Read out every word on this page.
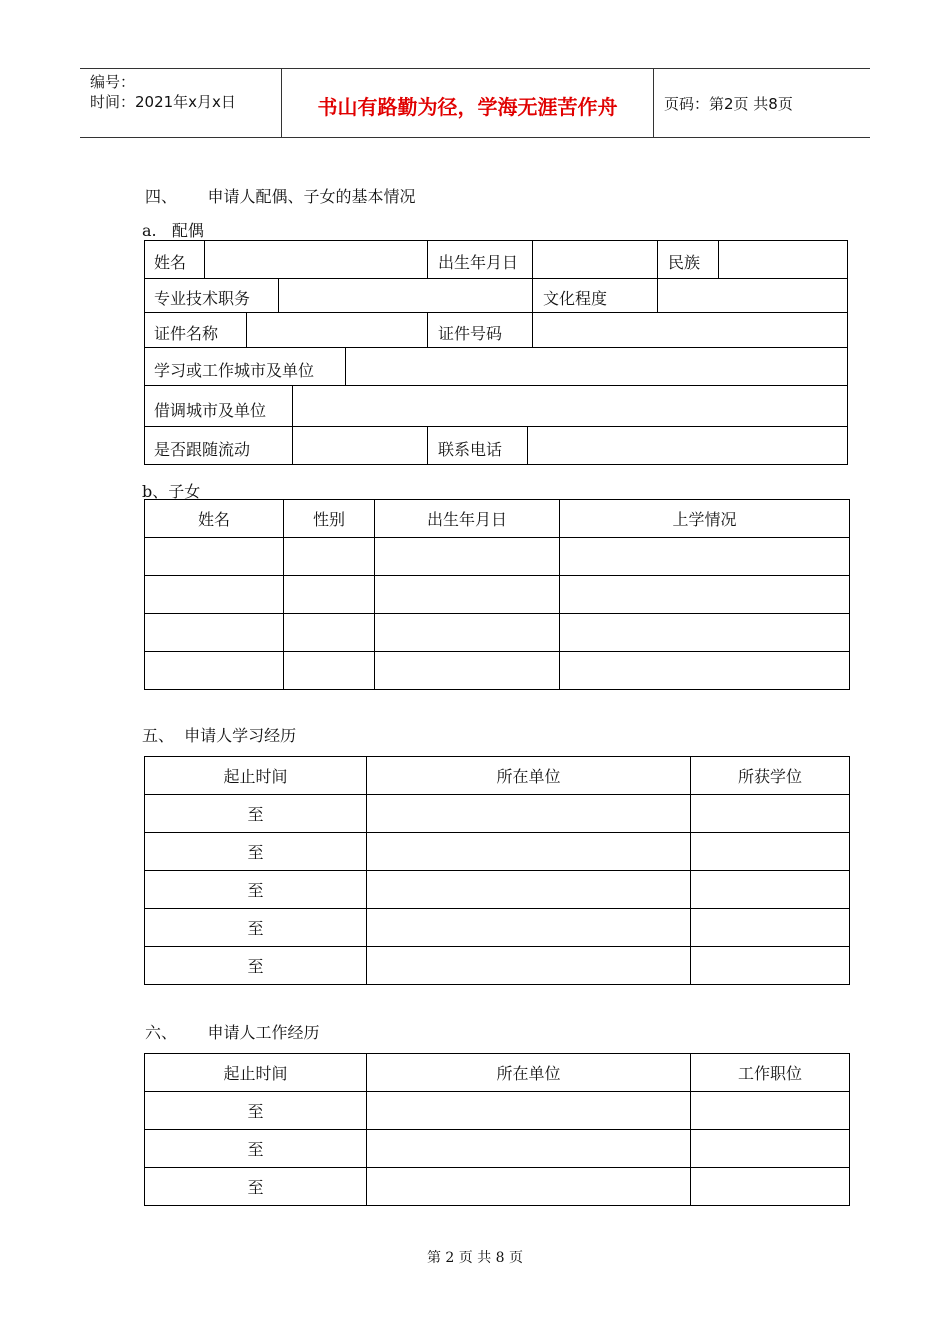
编号：
时间：2021年x月x日	书山有路勤为径，学海无涯苦作舟	页码：第2页 共8页
四、      申请人配偶、子女的基本情况
a.   配偶
姓名	出生年月日	民族
专业技术职务	文化程度
证件名称	证件号码
学习或工作城市及单位
借调城市及单位
是否跟随流动	联系电话
b、子女
姓名	性别	出生年月日	上学情况

五、  申请人学习经历
起止时间	所在单位	所获学位
至		
至		
至		
至		
至		
六、      申请人工作经历
起止时间	所在单位	工作职位
至		
至		
至		
第 2 页 共 8 页
